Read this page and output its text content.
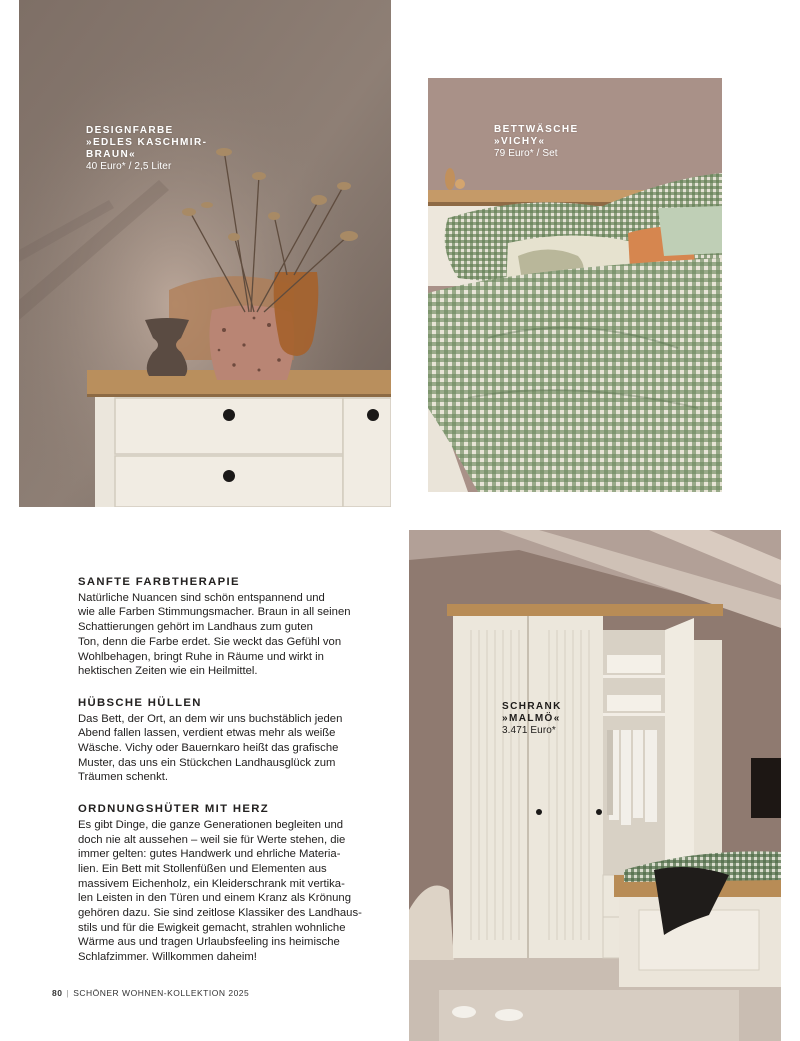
DESIGNFARBE
»EDLES KASCHMIR-
BRAUN«
40 Euro* / 2,5 Liter
BETTWÄSCHE
»VICHY«
79 Euro* / Set
SCHRANK
»MALMÖ«
3.471 Euro*
SANFTE FARBTHERAPIE
Natürliche Nuancen sind schön entspannend und
wie alle Farben Stimmungsmacher. Braun in all seinen
Schattierungen gehört im Landhaus zum guten
Ton, denn die Farbe erdet. Sie weckt das Gefühl von
Wohlbehagen, bringt Ruhe in Räume und wirkt in
hektischen Zeiten wie ein Heilmittel.
HÜBSCHE HÜLLEN
Das Bett, der Ort, an dem wir uns buchstäblich jeden
Abend fallen lassen, verdient etwas mehr als weiße
Wäsche. Vichy oder Bauernkaro heißt das grafische
Muster, das uns ein Stückchen Landhausglück zum
Träumen schenkt.
ORDNUNGSHÜTER MIT HERZ
Es gibt Dinge, die ganze Generationen begleiten und
doch nie alt aussehen – weil sie für Werte stehen, die
immer gelten: gutes Handwerk und ehrliche Materia-
lien. Ein Bett mit Stollenfüßen und Elementen aus
massivem Eichenholz, ein Kleiderschrank mit vertika-
len Leisten in den Türen und einem Kranz als Krönung
gehören dazu. Sie sind zeitlose Klassiker des Landhaus-
stils und für die Ewigkeit gemacht, strahlen wohnliche
Wärme aus und tragen Urlaubsfeeling ins heimische
Schlafzimmer. Willkommen daheim!
80 | SCHÖNER WOHNEN-KOLLEKTION 2025
